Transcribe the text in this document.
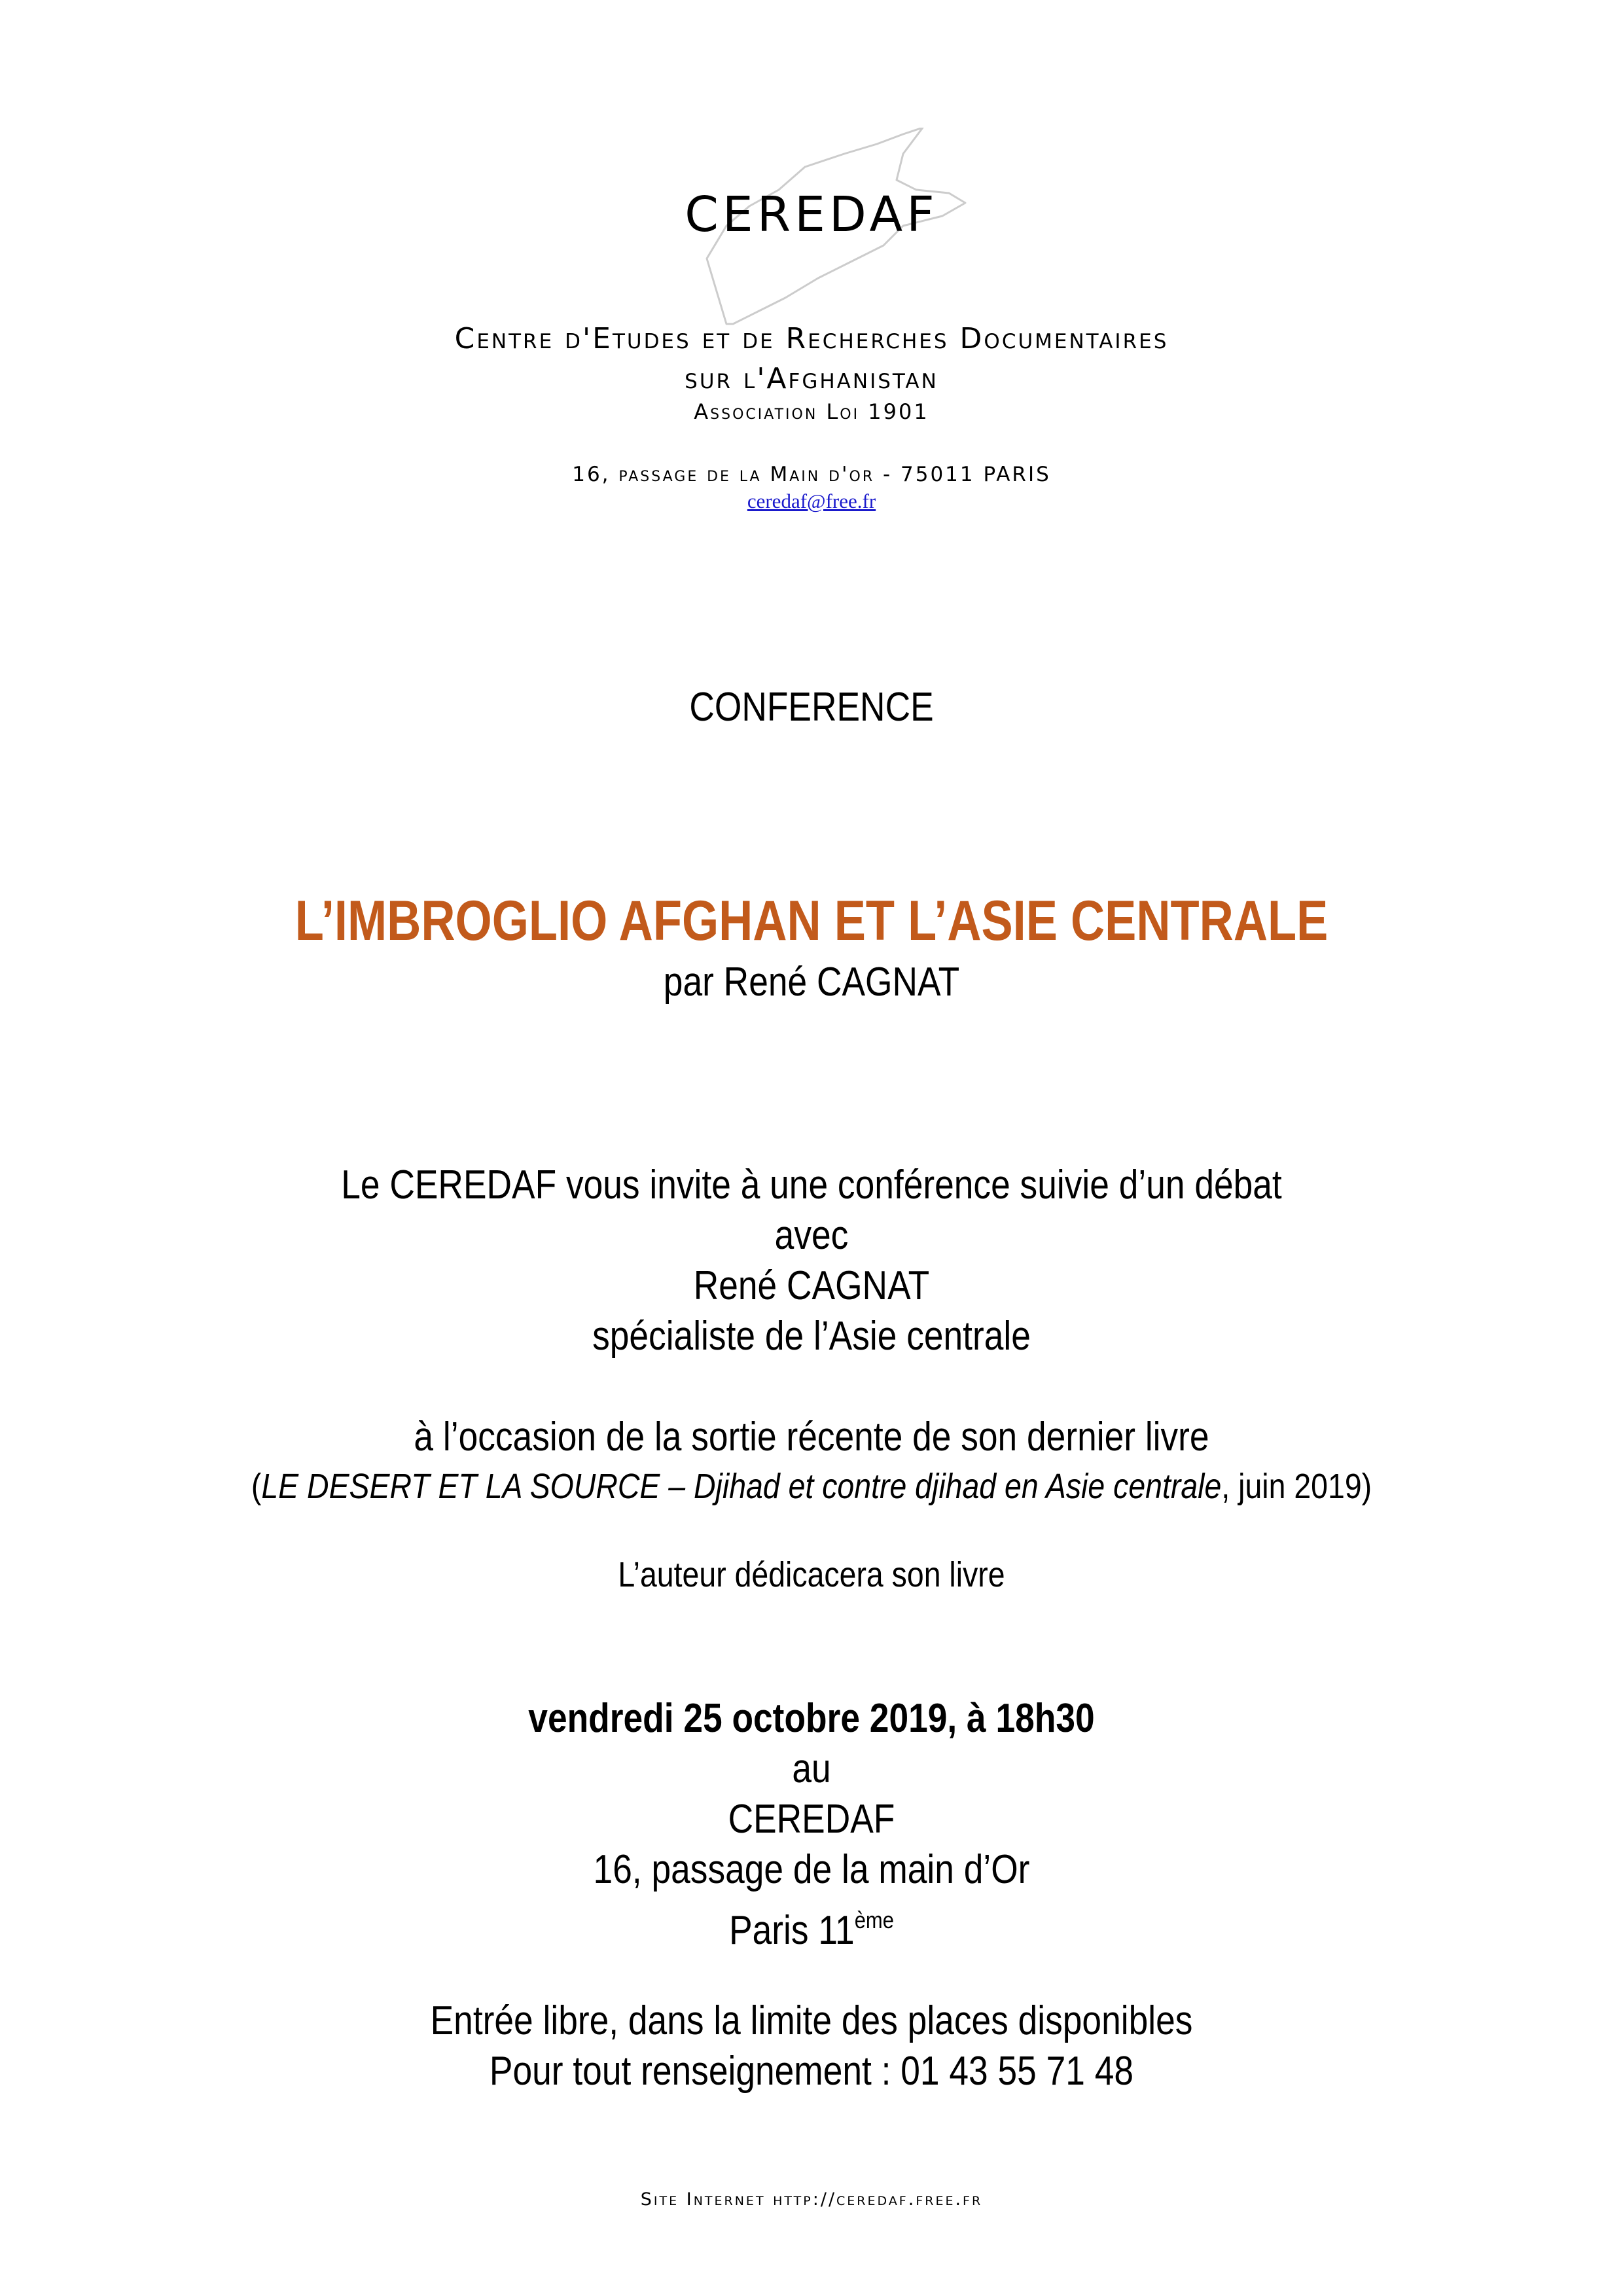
CEREDAF
Centre d'Etudes et de Recherches Documentaires
sur l'Afghanistan
Association Loi 1901
16, passage de la Main d'or - 75011 PARIS
ceredaf@free.fr
CONFERENCE
L’IMBROGLIO AFGHAN ET L’ASIE CENTRALE
par René CAGNAT
Le CEREDAF vous invite à une conférence suivie d’un débat
avec
René CAGNAT
spécialiste de l’Asie centrale
à l’occasion de la sortie récente de son dernier livre
(LE DESERT ET LA SOURCE – Djihad et contre djihad en Asie centrale, juin 2019)
L’auteur dédicacera son livre
vendredi 25 octobre 2019, à 18h30
au
CEREDAF
16, passage de la main d’Or
Paris 11ème
Entrée libre, dans la limite des places disponibles
Pour tout renseignement : 01 43 55 71 48
Site Internet http://ceredaf.free.fr
